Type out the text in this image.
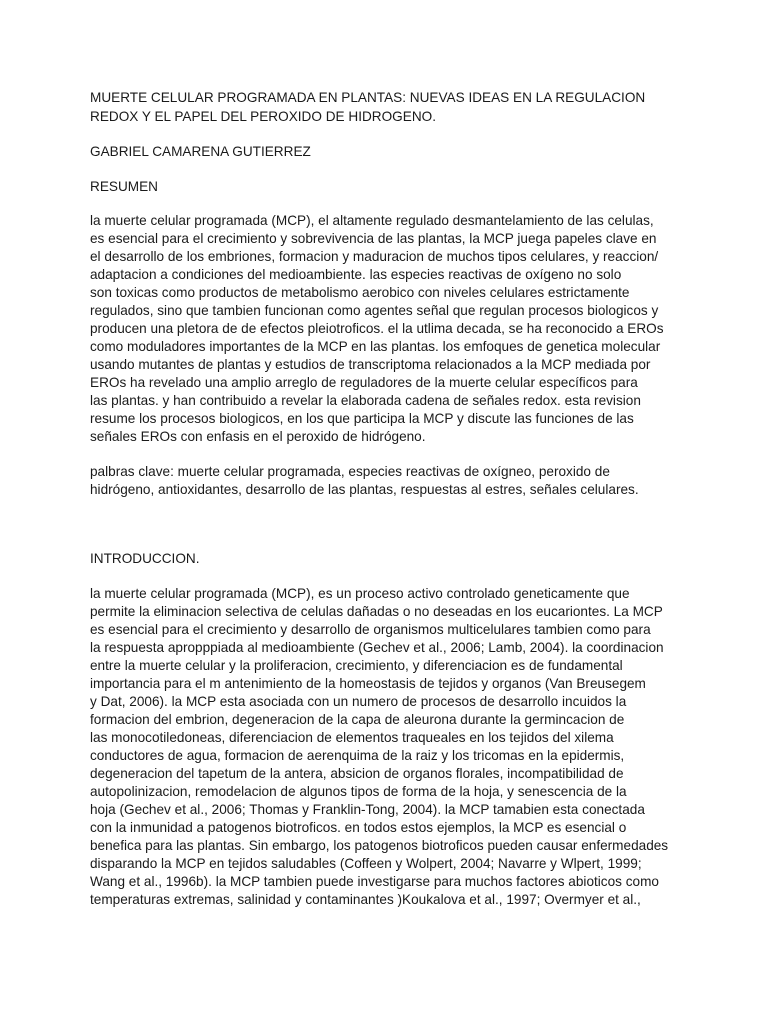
MUERTE CELULAR PROGRAMADA EN PLANTAS: NUEVAS IDEAS EN LA REGULACION
REDOX Y EL PAPEL DEL PEROXIDO DE HIDROGENO.
GABRIEL CAMARENA GUTIERREZ
RESUMEN
la muerte celular programada (MCP), el altamente regulado desmantelamiento de las celulas,
es esencial para el crecimiento y sobrevivencia de las plantas, la MCP juega papeles clave en
el desarrollo de los embriones, formacion y maduracion de muchos tipos celulares, y reaccion/
adaptacion a condiciones del medioambiente. las especies reactivas de oxígeno no solo
son toxicas como productos de metabolismo aerobico con niveles celulares estrictamente
regulados, sino que tambien funcionan como agentes señal que regulan procesos biologicos y
producen una pletora de de efectos pleiotroficos. el la utlima decada, se ha reconocido a EROs
como moduladores importantes de la MCP en las plantas. los emfoques de genetica molecular
usando mutantes de plantas y estudios de transcriptoma relacionados a la MCP mediada por
EROs ha revelado una amplio arreglo de reguladores de la muerte celular específicos para
las plantas. y han contribuido a revelar la elaborada cadena de señales redox. esta revision
resume los procesos biologicos, en los que participa la MCP y discute las funciones de las
señales EROs con enfasis en el peroxido de hidrógeno.
palbras clave: muerte celular programada, especies reactivas de oxígneo, peroxido de
hidrógeno, antioxidantes, desarrollo de las plantas, respuestas al estres, señales celulares.
INTRODUCCION.
la muerte celular programada (MCP), es un proceso activo controlado geneticamente que
permite la eliminacion selectiva de celulas dañadas o no deseadas en los eucariontes. La MCP
es esencial para el crecimiento y desarrollo de organismos multicelulares tambien como para
la respuesta apropppiada al medioambiente (Gechev et al., 2006; Lamb, 2004). la coordinacion
entre la muerte celular y la proliferacion, crecimiento, y diferenciacion es de fundamental
importancia para el m antenimiento de la homeostasis de tejidos y organos (Van Breusegem
y Dat, 2006). la MCP esta asociada con un numero de procesos de desarrollo incuidos la
formacion del embrion, degeneracion de la capa de aleurona durante la germincacion de
las monocotiledoneas, diferenciacion de elementos traqueales en los tejidos del xilema
conductores de agua, formacion de aerenquima de la raiz y los tricomas en la epidermis,
degeneracion del tapetum de la antera, absicion de organos florales, incompatibilidad de
autopolinizacion, remodelacion de algunos tipos de forma de la hoja, y senescencia de la
hoja (Gechev et al., 2006; Thomas y Franklin-Tong, 2004). la MCP tamabien esta conectada
con la inmunidad a patogenos biotroficos. en todos estos ejemplos, la MCP es esencial o
benefica para las plantas. Sin embargo, los patogenos biotroficos pueden causar enfermedades
disparando la MCP en tejidos saludables (Coffeen y Wolpert, 2004; Navarre y Wlpert, 1999;
Wang et al., 1996b). la MCP tambien puede investigarse para muchos factores abioticos como
temperaturas extremas, salinidad y contaminantes )Koukalova et al., 1997; Overmyer et al.,
